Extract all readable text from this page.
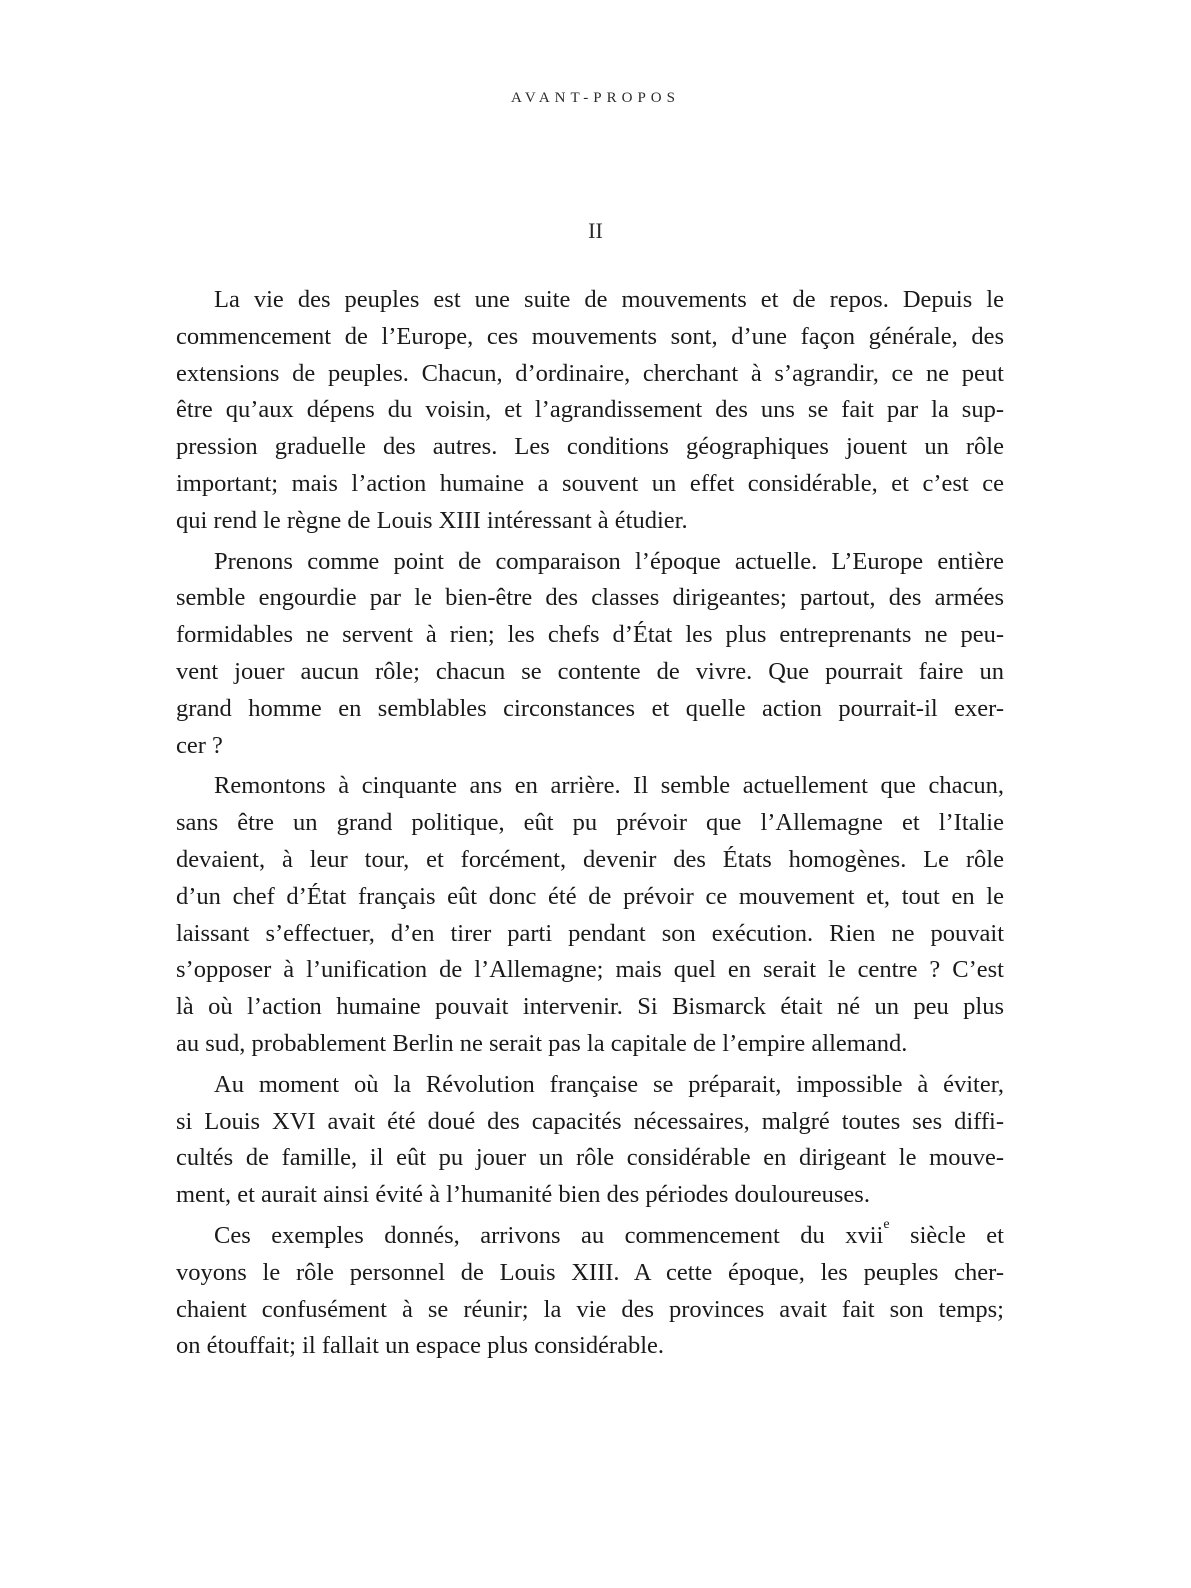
AVANT-PROPOS
II
La vie des peuples est une suite de mouvements et de repos. Depuis le
commencement de l’Europe, ces mouvements sont, d’une façon générale, des
extensions de peuples. Chacun, d’ordinaire, cherchant à s’agrandir, ce ne peut
être qu’aux dépens du voisin, et l’agrandissement des uns se fait par la sup-
pression graduelle des autres. Les conditions géographiques jouent un rôle
important; mais l’action humaine a souvent un effet considérable, et c’est ce
qui rend le règne de Louis XIII intéressant à étudier.
Prenons comme point de comparaison l’époque actuelle. L’Europe entière
semble engourdie par le bien-être des classes dirigeantes; partout, des armées
formidables ne servent à rien; les chefs d’État les plus entreprenants ne peu-
vent jouer aucun rôle; chacun se contente de vivre. Que pourrait faire un
grand homme en semblables circonstances et quelle action pourrait-il exer-
cer ?
Remontons à cinquante ans en arrière. Il semble actuellement que chacun,
sans être un grand politique, eût pu prévoir que l’Allemagne et l’Italie
devaient, à leur tour, et forcément, devenir des États homogènes. Le rôle
d’un chef d’État français eût donc été de prévoir ce mouvement et, tout en le
laissant s’effectuer, d’en tirer parti pendant son exécution. Rien ne pouvait
s’opposer à l’unification de l’Allemagne; mais quel en serait le centre ? C’est
là où l’action humaine pouvait intervenir. Si Bismarck était né un peu plus
au sud, probablement Berlin ne serait pas la capitale de l’empire allemand.
Au moment où la Révolution française se préparait, impossible à éviter,
si Louis XVI avait été doué des capacités nécessaires, malgré toutes ses diffi-
cultés de famille, il eût pu jouer un rôle considérable en dirigeant le mouve-
ment, et aurait ainsi évité à l’humanité bien des périodes douloureuses.
Ces exemples donnés, arrivons au commencement du xvii$^e$ siècle et
voyons le rôle personnel de Louis XIII. A cette époque, les peuples cher-
chaient confusément à se réunir; la vie des provinces avait fait son temps;
on étouffait; il fallait un espace plus considérable.
